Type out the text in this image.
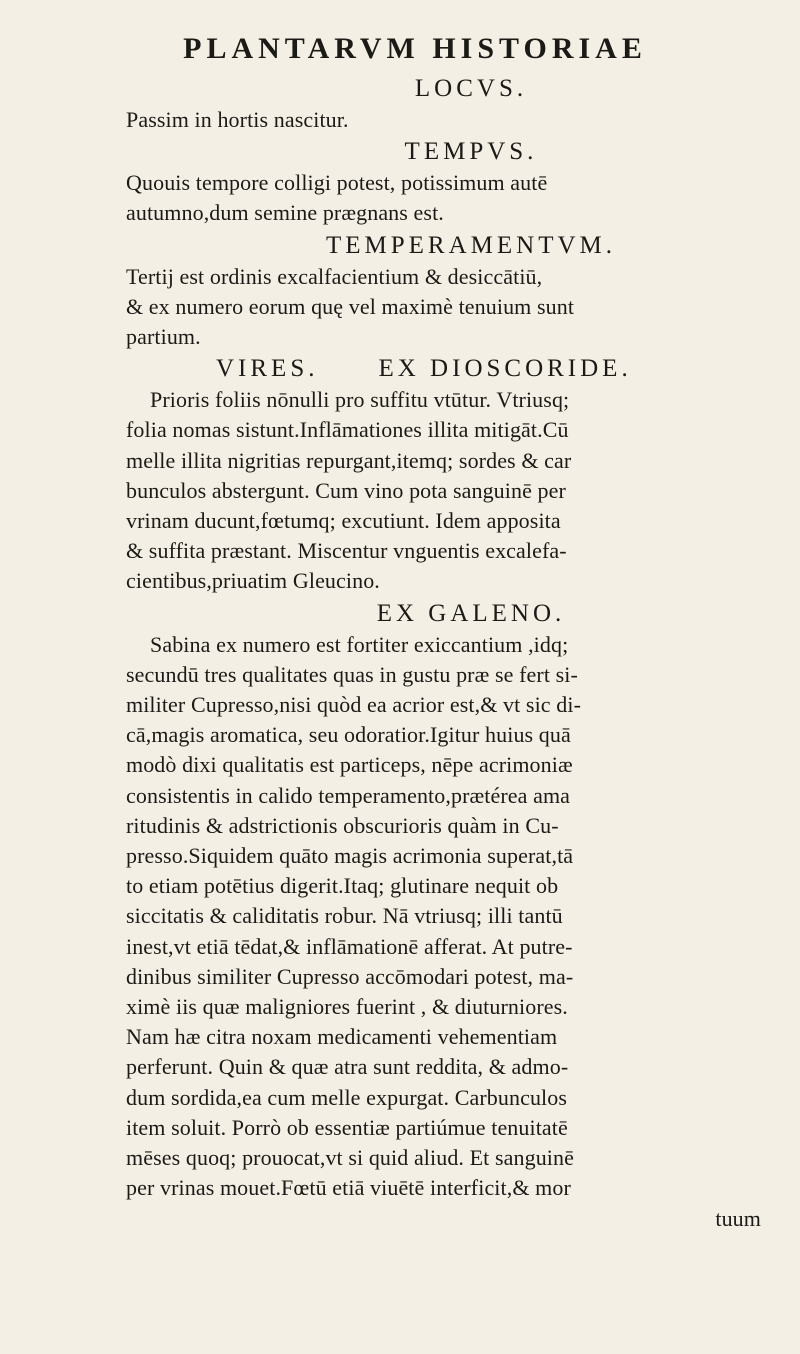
PLANTARVM HISTORIAE
LOCVS.
Passim in hortis nascitur.
TEMPVS.
Quouis tempore colligi potest, potissimum autē
autumno,dum semine prægnans est.
TEMPERAMENTVM.
Tertij est ordinis excalfacientium & desiccātiū,
& ex numero eorum quę vel maximè tenuium sunt
partium.
VIRES. EX DIOSCORIDE.
Prioris foliis nōnulli pro suffitu vtūtur. Vtriusq;
folia nomas sistunt.Inflāmationes illita mitigāt.Cū
melle illita nigritias repurgant,itemq; sordes & car
bunculos abstergunt. Cum vino pota sanguinē per
vrinam ducunt,fœtumq; excutiunt. Idem apposita
& suffita præstant. Miscentur vnguentis excalefa-
cientibus,priuatim Gleucino.
EX GALENO.
Sabina ex numero est fortiter exiccantium ,idq;
secundū tres qualitates quas in gustu præ se fert si-
militer Cupresso,nisi quòd ea acrior est,& vt sic di-
cā,magis aromatica, seu odoratior.Igitur huius quā
modò dixi qualitatis est particeps, nēpe acrimoniæ
consistentis in calido temperamento,prætérea ama
ritudinis & adstrictionis obscurioris quàm in Cu-
presso.Siquidem quāto magis acrimonia superat,tā
to etiam potētius digerit.Itaq; glutinare nequit ob
siccitatis & caliditatis robur. Nā vtriusq; illi tantū
inest,vt etiā tēdat,& inflāmationē afferat. At putre-
dinibus similiter Cupresso accōmodari potest, ma-
ximè iis quæ maligniores fuerint , & diuturniores.
Nam hæ citra noxam medicamenti vehementiam
perferunt. Quin & quæ atra sunt reddita, & admo-
dum sordida,ea cum melle expurgat. Carbunculos
item soluit. Porrò ob essentiæ partiúmue tenuitatē
mēses quoq; prouocat,vt si quid aliud. Et sanguinē
per vrinas mouet.Fœtū etiā viuētē interficit,& mor
tuum
